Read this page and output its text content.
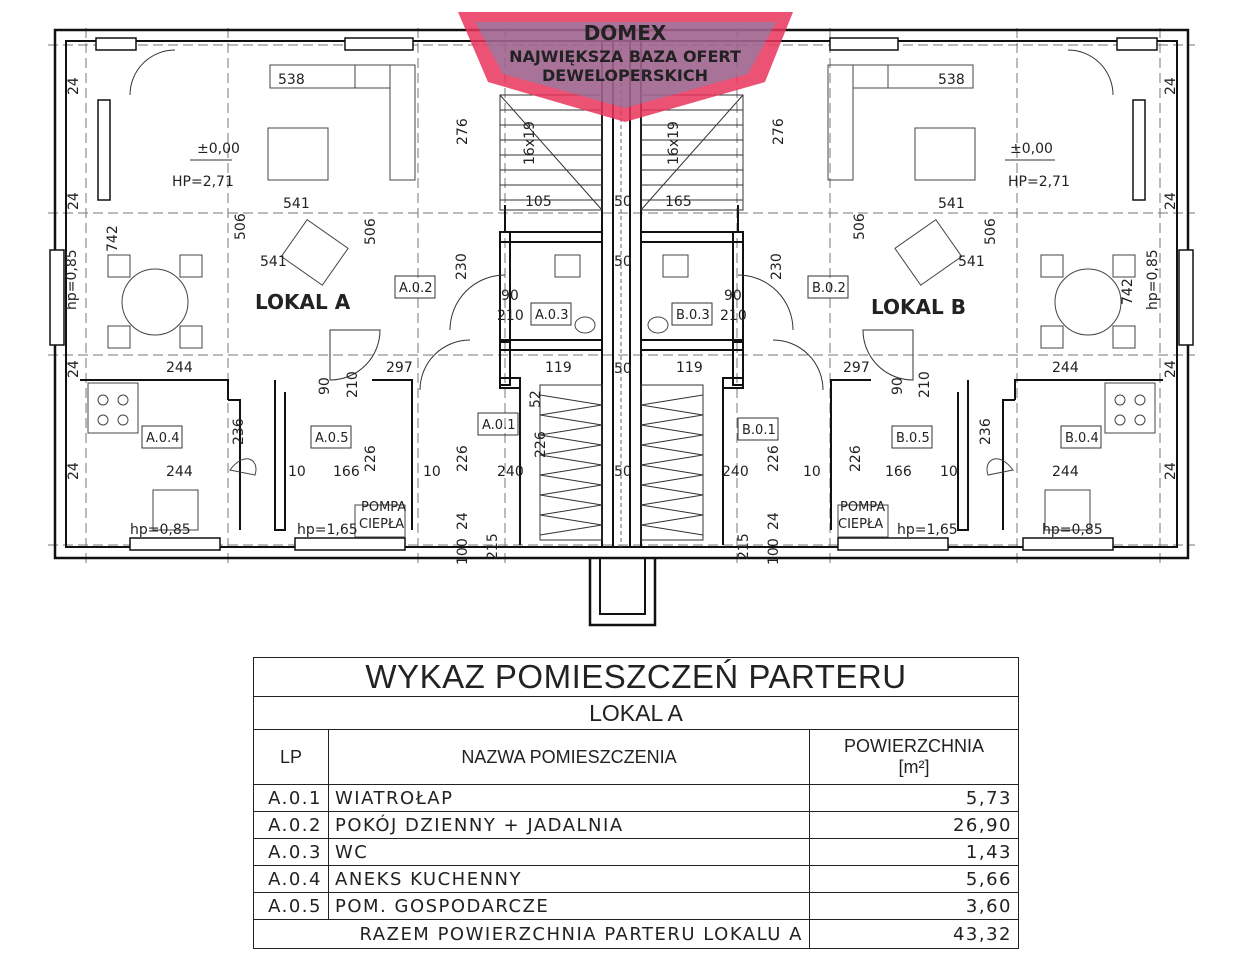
LOKAL A	LOKAL B
±0,00
HP=2,71
±0,00
HP=2,71
A.0.2
A.0.3
A.0.4	A.0.5
A.0.1
B.0.2
B.0.3
B.0.4
B.0.5
B.0.1
POMPA
CIEPŁA
POMPA
CIEPŁA
538	538
541	541
541	541
244	244
244	244
297	297
166	166
10	10	10	10
240	240
50
50
50
50
210	210
90	90
119	119
105	165
hp=0,85	hp=0,85
hp=1,65	hp=1,65
276	276
506	506	506	506
742
742
230	230
90 210	90 210
236	236
226	226
226
226	226
100	100
215	215
52
16x19	16x19
24
24
24
24
24
24
24
24
24	24
hp=0,85	hp=0,85
DOMEX
NAJWIĘKSZA BAZA OFERT
DEWELOPERSKICH
WYKAZ POMIESZCZEŃ PARTERU		
LOKAL A		
LP	NAZWA POMIESZCZENIA	POWIERZCHNIA
[m²]

A.0.1	WIATROŁAP	5,73
A.0.2	POKÓJ DZIENNY + JADALNIA	26,90
A.0.3	WC	1,43
A.0.4	ANEKS KUCHENNY	5,66
A.0.5	POM. GOSPODARCZE	3,60
RAZEM POWIERZCHNIA PARTERU LOKALU A		43,32
